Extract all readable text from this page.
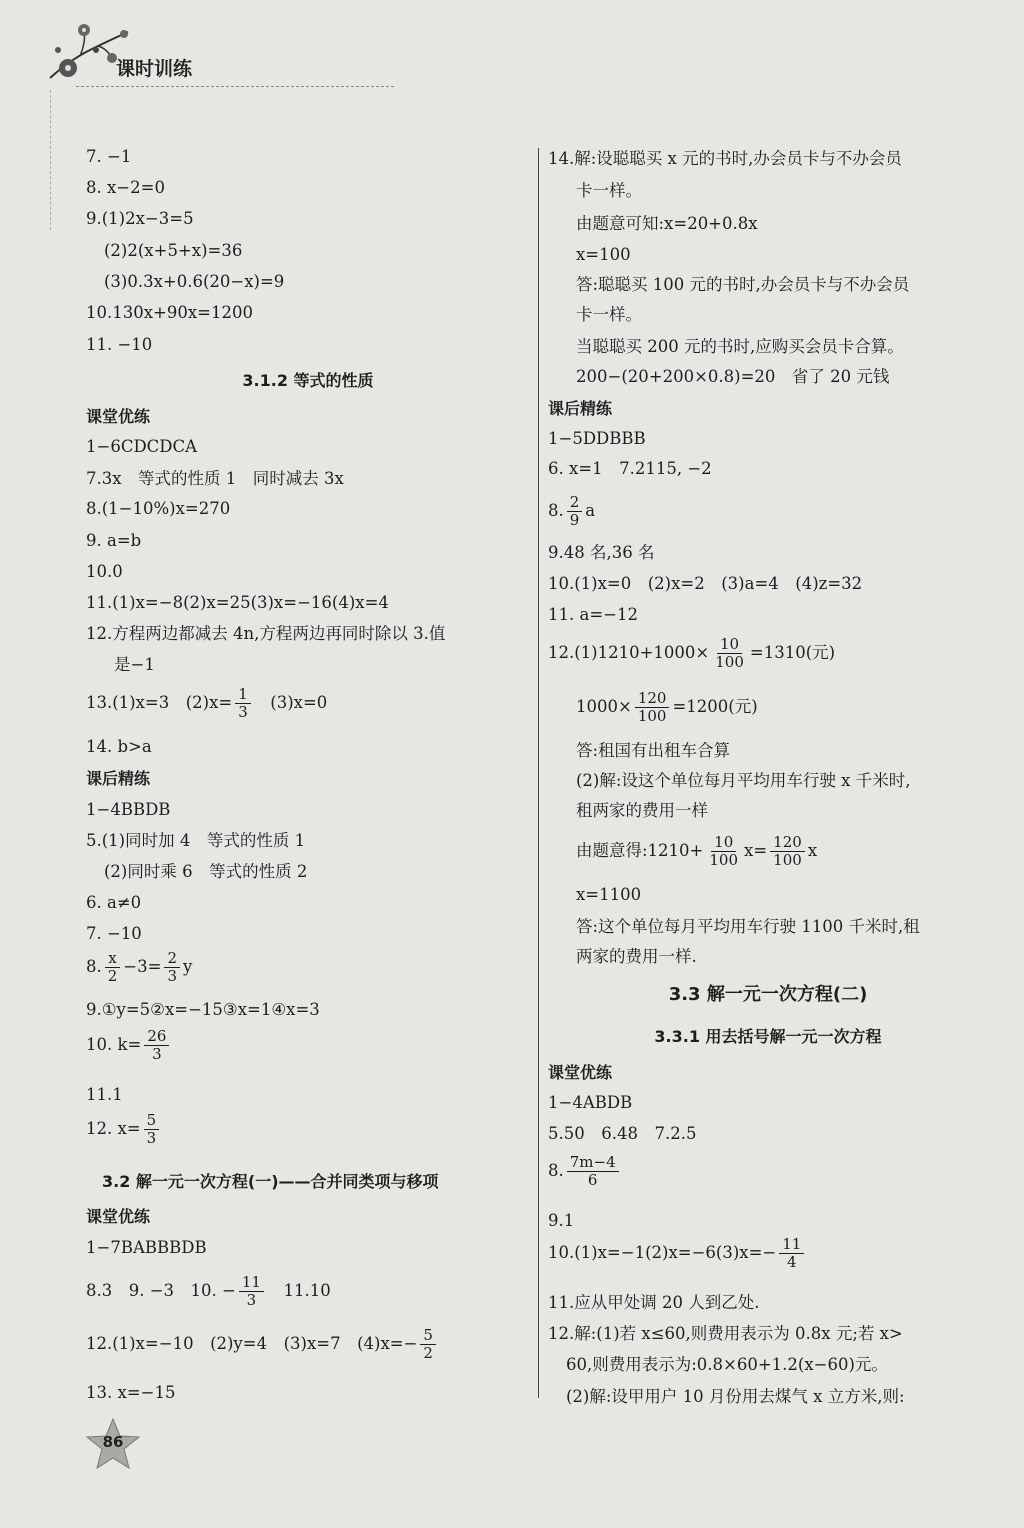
课时训练
7. −1
8. x−2=0
9.(1)2x−3=5
(2)2(x+5+x)=36
(3)0.3x+0.6(20−x)=9
10.130x+90x=1200
11. −10
3.1.2 等式的性质
课堂优练
1−6CDCDCA
7.3x　等式的性质 1　同时减去 3x
8.(1−10%)x=270
9. a=b
10.0
11.(1)x=−8(2)x=25(3)x=−16(4)x=4
12.方程两边都减去 4n,方程两边再同时除以 3.值
是−1
13.(1)x=3　$(2)x= \frac{1}{3}$ 　(3)x=0
14. b>a
课后精练
1−4BBDB
5.(1)同时加 4　等式的性质 1
(2)同时乘 6　等式的性质 2
6. a≠0
7. −10
8. $\frac{x}{2} -3= \frac{2}{3}$ y
9.①y=5②x=−15③x=1④x=3
10. $k= \frac{26}{3}$
11.1
12. $x= \frac{5}{3}$
3.2 解一元一次方程(一)——合并同类项与移项
课堂优练
1−7BABBBDB
8.3　9. −3　10. − $\frac{11}{3}$ 　11.10
12.(1)x=−10　(2)y=4　(3)x=7　$(4)x=- \frac{5}{2}$
13. x=−15
14.解:设聪聪买 x 元的书时,办会员卡与不办会员
卡一样。
由题意可知:x=20+0.8x
x=100
答:聪聪买 100 元的书时,办会员卡与不办会员
卡一样。
当聪聪买 200 元的书时,应购买会员卡合算。
200−(20+200×0.8)=20　省了 20 元钱
课后精练
1−5DDBBB
6. x=1　7.2115, −2
8. $\frac{2}{9}$ a
9.48 名,36 名
10.(1)x=0　(2)x=2　(3)a=4　(4)z=32
11. a=−12
$12.(1)1210+1000\times \frac{10}{100} =1310$(元)
$1000\times \frac{120}{100} =1200$(元)
答:租国有出租车合算
(2)解:设这个单位每月平均用车行驶 x 千米时,
租两家的费用一样
由题意得:1210+ $\frac{10}{100} x= \frac{120}{100}$ x
x=1100
答:这个单位每月平均用车行驶 1100 千米时,租
两家的费用一样.
3.3 解一元一次方程(二)
3.3.1 用去括号解一元一次方程
课堂优练
1−4ABDB
5.50　6.48　7.2.5
8. $\frac{7m-4}{6}$
9.1
$10.(1)x=-1(2)x=-6(3)x=- \frac{11}{4}$
11.应从甲处调 20 人到乙处.
12.解:(1)若 x≤60,则费用表示为 0.8x 元;若 x>
60,则费用表示为:0.8×60+1.2(x−60)元。
(2)解:设甲用户 10 月份用去煤气 x 立方米,则:
86
